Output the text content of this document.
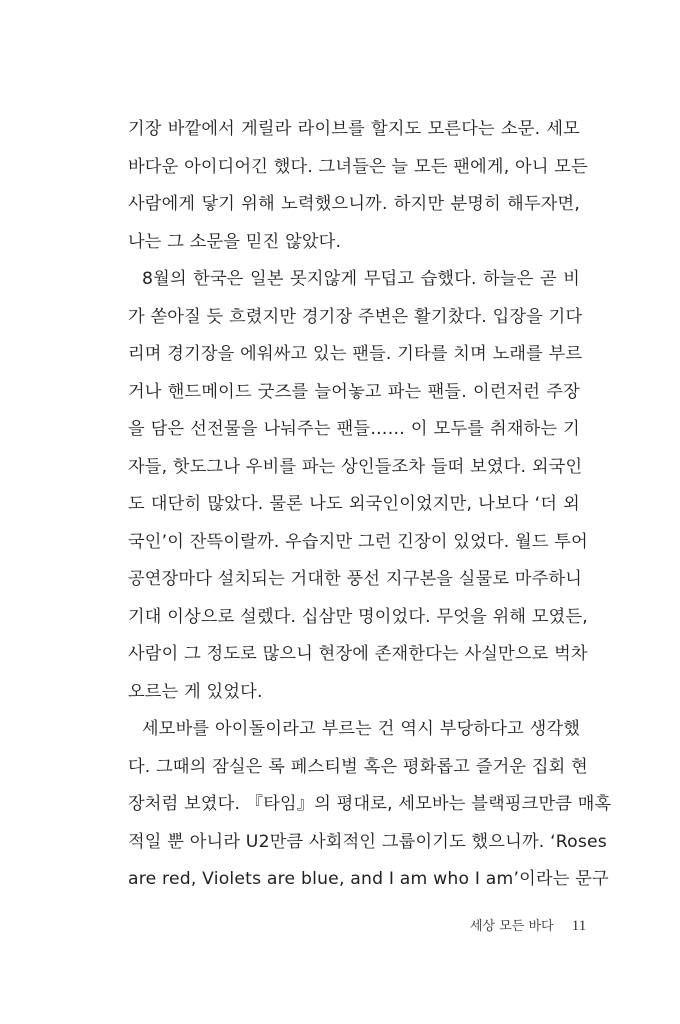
기장 바깥에서 게릴라 라이브를 할지도 모른다는 소문. 세모
바다운 아이디어긴 했다. 그녀들은 늘 모든 팬에게, 아니 모든
사람에게 닿기 위해 노력했으니까. 하지만 분명히 해두자면,
나는 그 소문을 믿진 않았다.
8월의 한국은 일본 못지않게 무덥고 습했다. 하늘은 곧 비
가 쏟아질 듯 흐렸지만 경기장 주변은 활기찼다. 입장을 기다
리며 경기장을 에워싸고 있는 팬들. 기타를 치며 노래를 부르
거나 핸드메이드 굿즈를 늘어놓고 파는 팬들. 이런저런 주장
을 담은 선전물을 나눠주는 팬들…… 이 모두를 취재하는 기
자들, 핫도그나 우비를 파는 상인들조차 들떠 보였다. 외국인
도 대단히 많았다. 물론 나도 외국인이었지만, 나보다 ‘더 외
국인’이 잔뜩이랄까. 우습지만 그런 긴장이 있었다. 월드 투어
공연장마다 설치되는 거대한 풍선 지구본을 실물로 마주하니
기대 이상으로 설렜다. 십삼만 명이었다. 무엇을 위해 모였든,
사람이 그 정도로 많으니 현장에 존재한다는 사실만으로 벅차
오르는 게 있었다.
세모바를 아이돌이라고 부르는 건 역시 부당하다고 생각했
다. 그때의 잠실은 록 페스티벌 혹은 평화롭고 즐거운 집회 현
장처럼 보였다. 『타임』의 평대로, 세모바는 블랙핑크만큼 매혹
적일 뿐 아니라 U2만큼 사회적인 그룹이기도 했으니까. ‘Roses
are red, Violets are blue, and I am who I am’이라는 문구
세상 모든 바다 11
